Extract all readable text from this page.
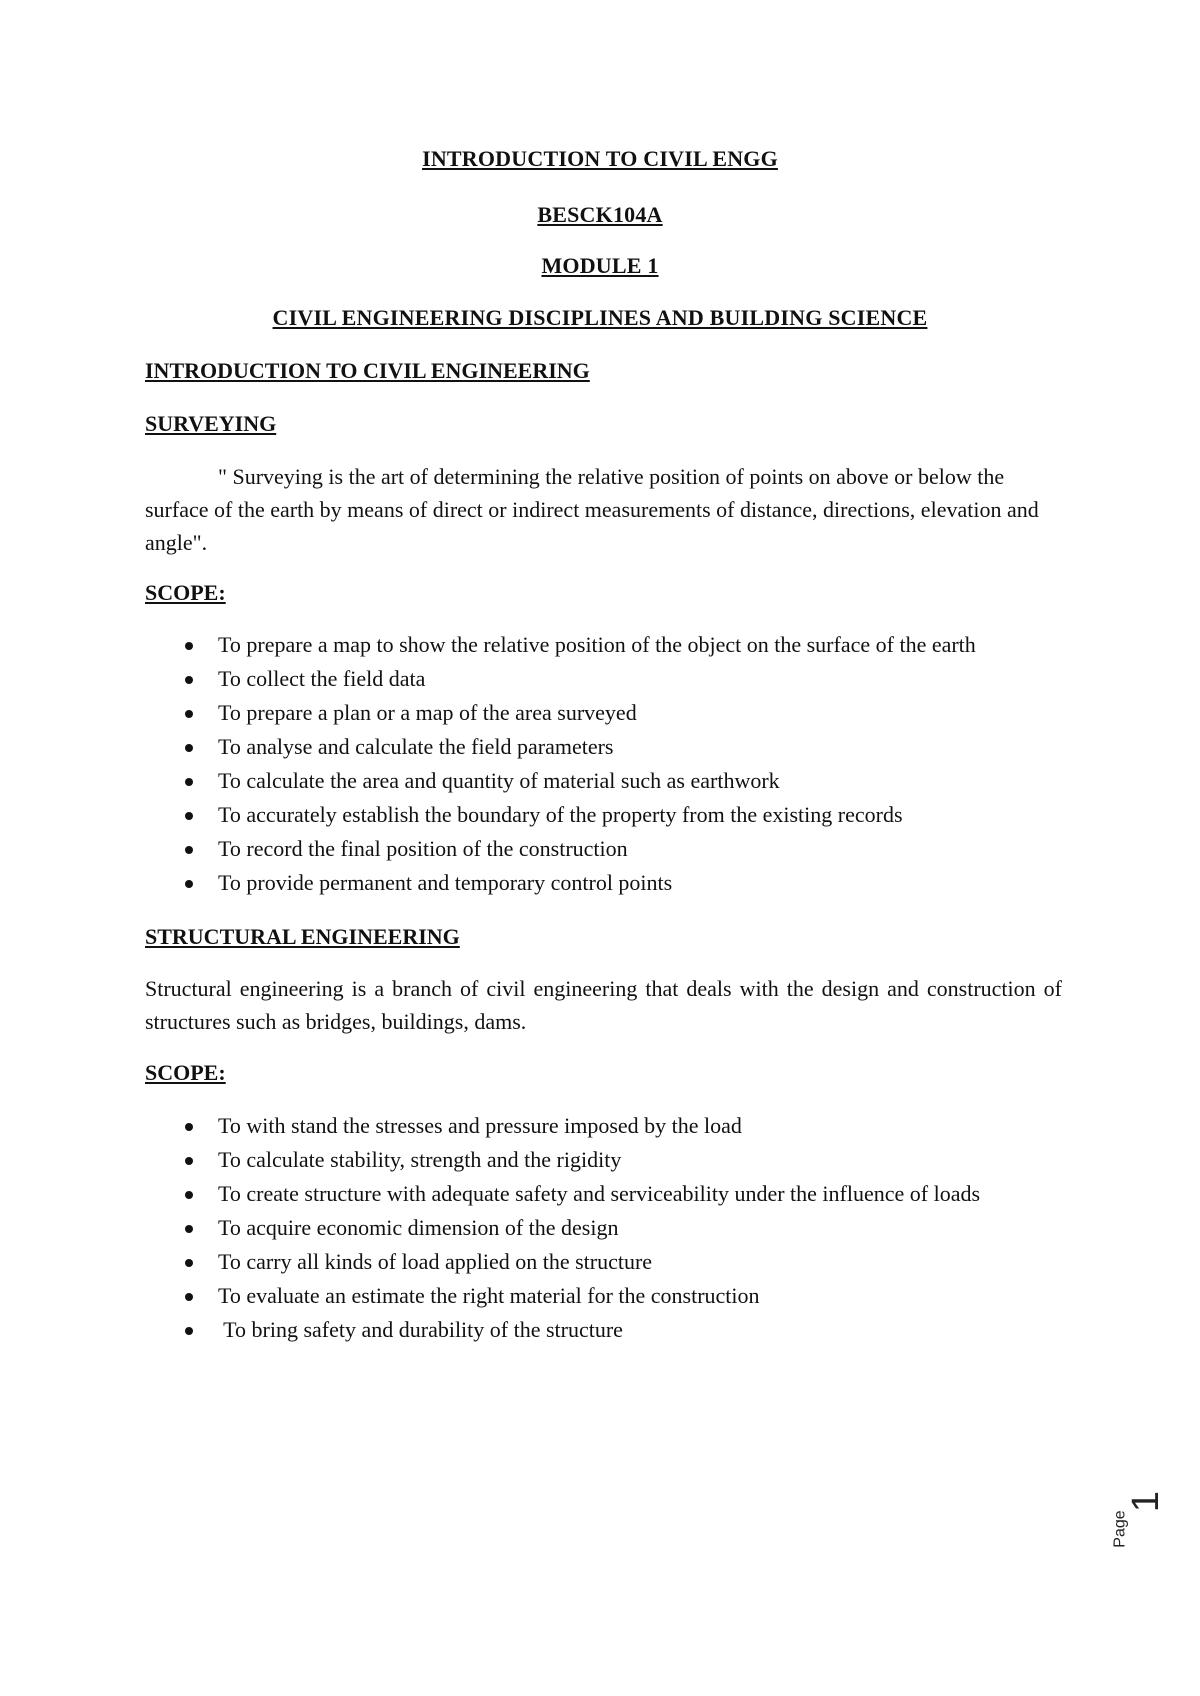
INTRODUCTION TO CIVIL ENGG
BESCK104A
MODULE 1
CIVIL ENGINEERING DISCIPLINES AND BUILDING SCIENCE
INTRODUCTION TO CIVIL ENGINEERING
SURVEYING
" Surveying is the art of determining the relative position of points on above or below the surface of the earth by means of direct or indirect measurements of distance, directions, elevation and angle".
SCOPE:
To prepare a map to show the relative position of the object on the surface of the earth
To collect the field data
To prepare a plan or a map of the area surveyed
To analyse and calculate the field parameters
To calculate the area and quantity of material such as earthwork
To accurately establish the boundary of the property from the existing records
To record the final position of the construction
To provide permanent and temporary control points
STRUCTURAL ENGINEERING
Structural engineering is a branch of civil engineering that deals with the design and construction of structures such as bridges, buildings, dams.
SCOPE:
To with stand the stresses and pressure imposed by the load
To calculate stability, strength and the rigidity
To create structure with adequate safety and serviceability under the influence of loads
To acquire economic dimension of the design
To carry all kinds of load applied on the structure
To evaluate an estimate the right material for the construction
To bring safety and durability of the structure
Page
1
